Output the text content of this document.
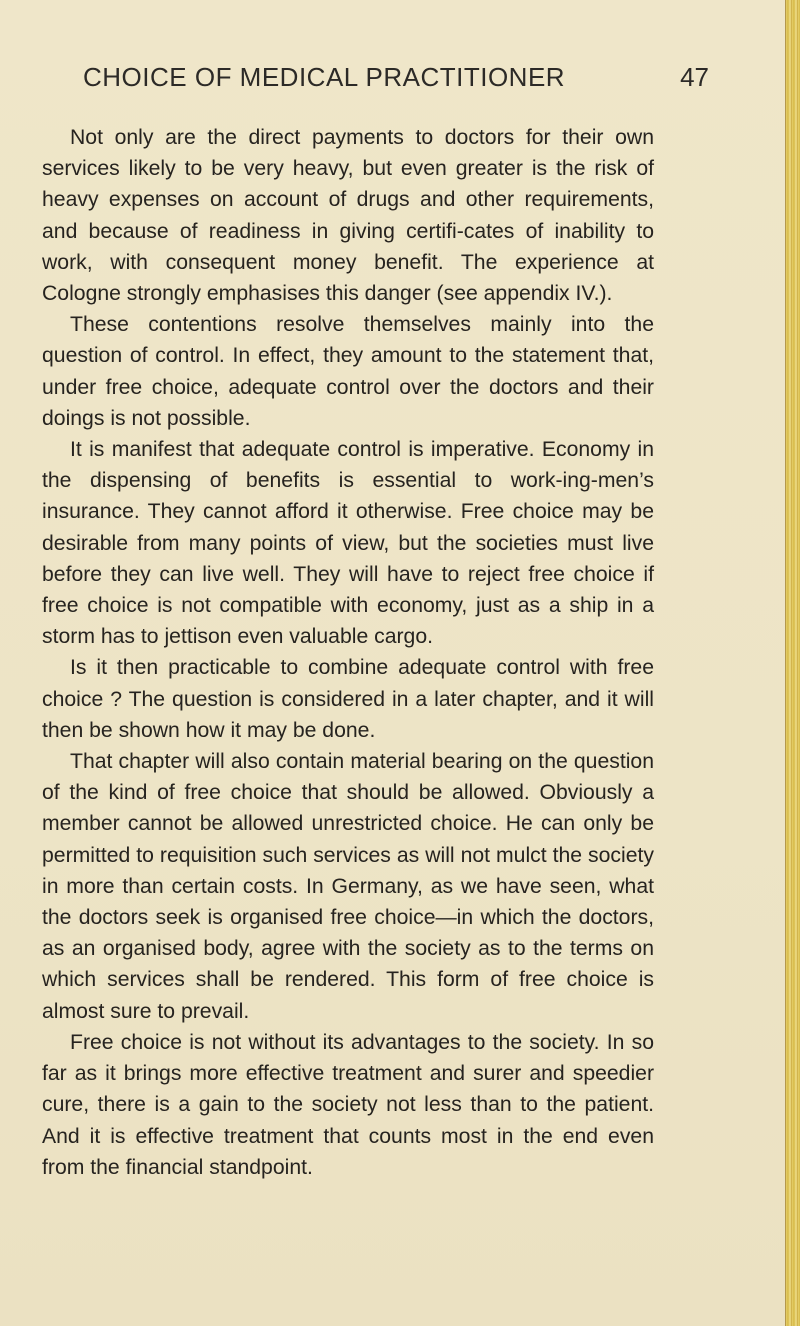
CHOICE OF MEDICAL PRACTITIONER	47

Not only are the direct payments to doctors for their own services likely to be very heavy, but even greater is the risk of heavy expenses on account of drugs and other requirements, and because of readiness in giving certifi-cates of inability to work, with consequent money benefit. The experience at Cologne strongly emphasises this danger (see appendix IV.).

These contentions resolve themselves mainly into the question of control. In effect, they amount to the statement that, under free choice, adequate control over the doctors and their doings is not possible.

It is manifest that adequate control is imperative. Economy in the dispensing of benefits is essential to work-ing-men’s insurance. They cannot afford it otherwise. Free choice may be desirable from many points of view, but the societies must live before they can live well. They will have to reject free choice if free choice is not compatible with economy, just as a ship in a storm has to jettison even valuable cargo.

Is it then practicable to combine adequate control with free choice ? The question is considered in a later chapter, and it will then be shown how it may be done.

That chapter will also contain material bearing on the question of the kind of free choice that should be allowed. Obviously a member cannot be allowed unrestricted choice. He can only be permitted to requisition such services as will not mulct the society in more than certain costs. In Germany, as we have seen, what the doctors seek is organised free choice—in which the doctors, as an organised body, agree with the society as to the terms on which services shall be rendered. This form of free choice is almost sure to prevail.

Free choice is not without its advantages to the society. In so far as it brings more effective treatment and surer and speedier cure, there is a gain to the society not less than to the patient. And it is effective treatment that counts most in the end even from the financial standpoint.
